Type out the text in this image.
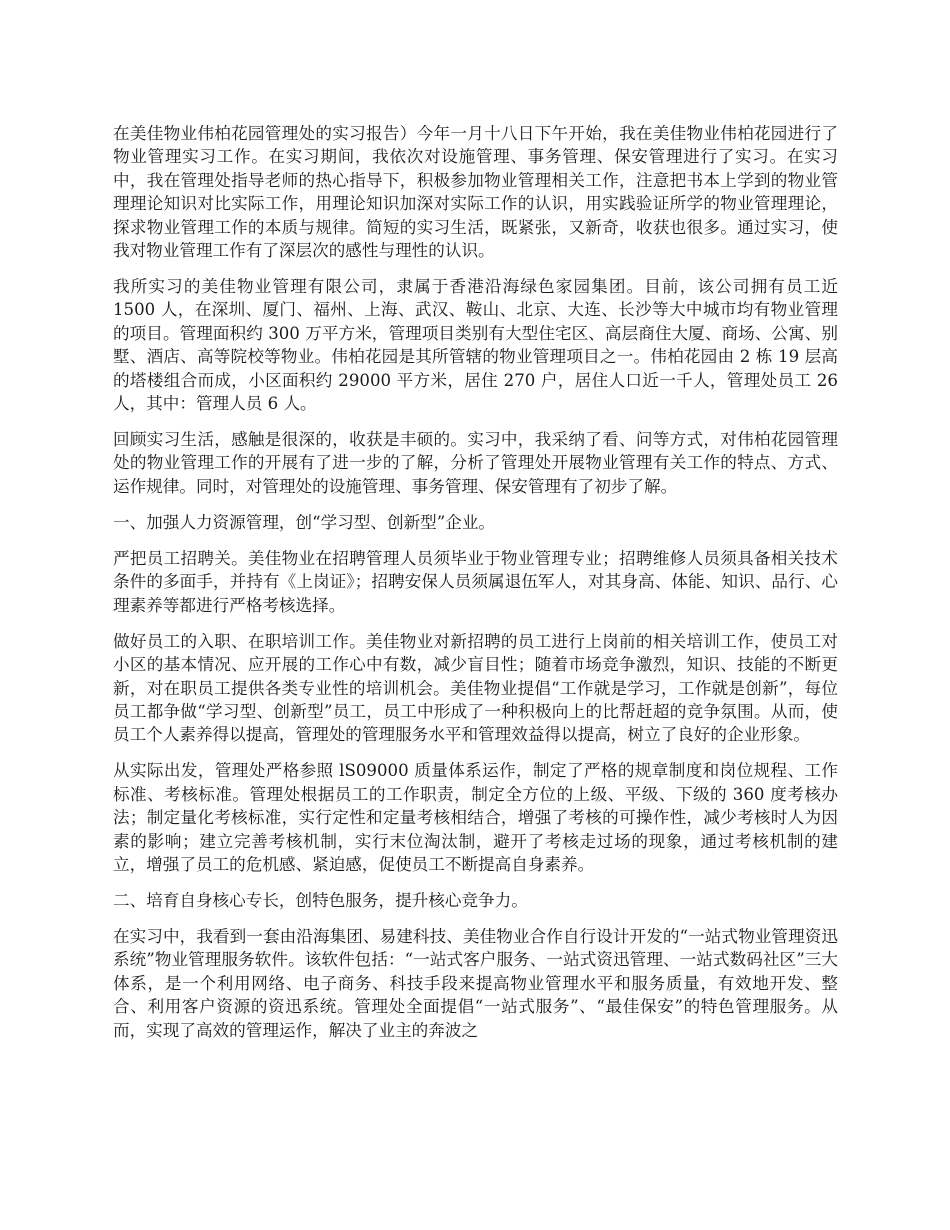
在美佳物业伟柏花园管理处的实习报告）今年一月十八日下午开始，我在美佳物业伟柏花园进行了物业管理实习工作。在实习期间，我依次对设施管理、事务管理、保安管理进行了实习。在实习中，我在管理处指导老师的热心指导下，积极参加物业管理相关工作，注意把书本上学到的物业管理理论知识对比实际工作，用理论知识加深对实际工作的认识，用实践验证所学的物业管理理论，探求物业管理工作的本质与规律。简短的实习生活，既紧张，又新奇，收获也很多。通过实习，使我对物业管理工作有了深层次的感性与理性的认识。

我所实习的美佳物业管理有限公司，隶属于香港沿海绿色家园集团。目前，该公司拥有员工近 1500 人，在深圳、厦门、福州、上海、武汉、鞍山、北京、大连、长沙等大中城市均有物业管理的项目。管理面积约 300 万平方米，管理项目类别有大型住宅区、高层商住大厦、商场、公寓、别墅、酒店、高等院校等物业。伟柏花园是其所管辖的物业管理项目之一。伟柏花园由 2 栋 19 层高的塔楼组合而成，小区面积约 29000 平方米，居住 270 户，居住人口近一千人，管理处员工 26 人，其中：管理人员 6 人。

回顾实习生活，感触是很深的，收获是丰硕的。实习中，我采纳了看、问等方式，对伟柏花园管理处的物业管理工作的开展有了进一步的了解，分析了管理处开展物业管理有关工作的特点、方式、运作规律。同时，对管理处的设施管理、事务管理、保安管理有了初步了解。

一、加强人力资源管理，创“学习型、创新型”企业。

严把员工招聘关。美佳物业在招聘管理人员须毕业于物业管理专业；招聘维修人员须具备相关技术条件的多面手，并持有《上岗证》；招聘安保人员须属退伍军人，对其身高、体能、知识、品行、心理素养等都进行严格考核选择。

做好员工的入职、在职培训工作。美佳物业对新招聘的员工进行上岗前的相关培训工作，使员工对小区的基本情况、应开展的工作心中有数，减少盲目性；随着市场竞争激烈，知识、技能的不断更新，对在职员工提供各类专业性的培训机会。美佳物业提倡“工作就是学习，工作就是创新”，每位员工都争做“学习型、创新型”员工，员工中形成了一种积极向上的比帮赶超的竞争氛围。从而，使员工个人素养得以提高，管理处的管理服务水平和管理效益得以提高，树立了良好的企业形象。

从实际出发，管理处严格参照 lS09000 质量体系运作，制定了严格的规章制度和岗位规程、工作标准、考核标准。管理处根据员工的工作职责，制定全方位的上级、平级、下级的 360 度考核办法；制定量化考核标准，实行定性和定量考核相结合，增强了考核的可操作性，减少考核时人为因素的影响；建立完善考核机制，实行末位淘汰制，避开了考核走过场的现象，通过考核机制的建立，增强了员工的危机感、紧迫感，促使员工不断提高自身素养。

二、培育自身核心专长，创特色服务，提升核心竞争力。

在实习中，我看到一套由沿海集团、易建科技、美佳物业合作自行设计开发的“一站式物业管理资迅系统”物业管理服务软件。该软件包括：“一站式客户服务、一站式资迅管理、一站式数码社区”三大体系，是一个利用网络、电子商务、科技手段来提高物业管理水平和服务质量，有效地开发、整合、利用客户资源的资迅系统。管理处全面提倡“一站式服务”、“最佳保安”的特色管理服务。从而，实现了高效的管理运作，解决了业主的奔波之
